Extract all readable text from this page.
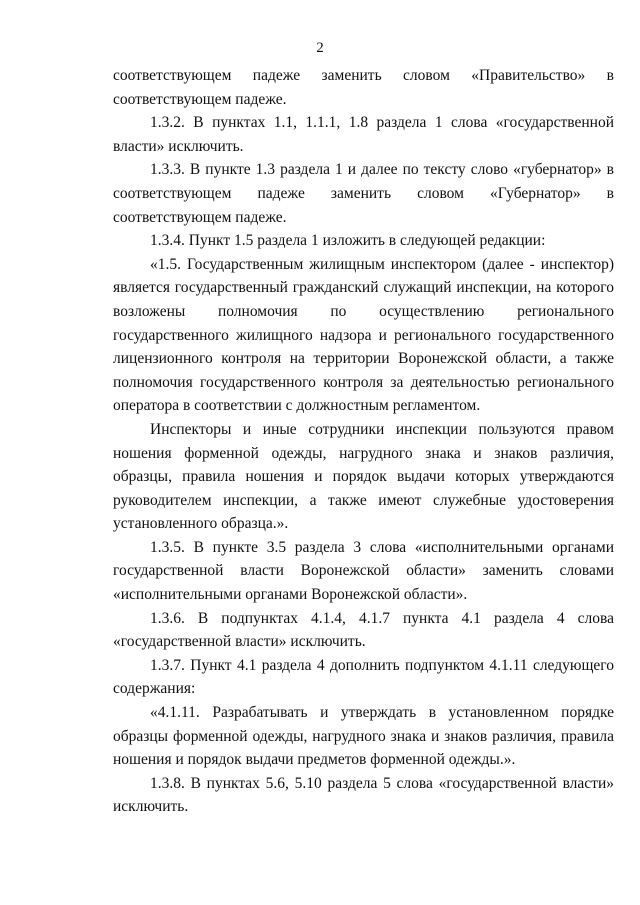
2

соответствующем падеже заменить словом «Правительство» в соответствующем падеже.

1.3.2. В пунктах 1.1, 1.1.1, 1.8 раздела 1 слова «государственной власти» исключить.

1.3.3. В пункте 1.3 раздела 1 и далее по тексту слово «губернатор» в соответствующем падеже заменить словом «Губернатор» в соответствующем падеже.

1.3.4. Пункт 1.5 раздела 1 изложить в следующей редакции:

«1.5. Государственным жилищным инспектором (далее - инспектор) является государственный гражданский служащий инспекции, на которого возложены полномочия по осуществлению регионального государственного жилищного надзора и регионального государственного лицензионного контроля на территории Воронежской области, а также полномочия государственного контроля за деятельностью регионального оператора в соответствии с должностным регламентом.

Инспекторы и иные сотрудники инспекции пользуются правом ношения форменной одежды, нагрудного знака и знаков различия, образцы, правила ношения и порядок выдачи которых утверждаются руководителем инспекции, а также имеют служебные удостоверения установленного образца.».

1.3.5. В пункте 3.5 раздела 3 слова «исполнительными органами государственной власти Воронежской области» заменить словами «исполнительными органами Воронежской области».

1.3.6. В подпунктах 4.1.4, 4.1.7 пункта 4.1 раздела 4 слова «государственной власти» исключить.

1.3.7. Пункт 4.1 раздела 4 дополнить подпунктом 4.1.11 следующего содержания:

«4.1.11. Разрабатывать и утверждать в установленном порядке образцы форменной одежды, нагрудного знака и знаков различия, правила ношения и порядок выдачи предметов форменной одежды.».

1.3.8. В пунктах 5.6, 5.10 раздела 5 слова «государственной власти» исключить.
